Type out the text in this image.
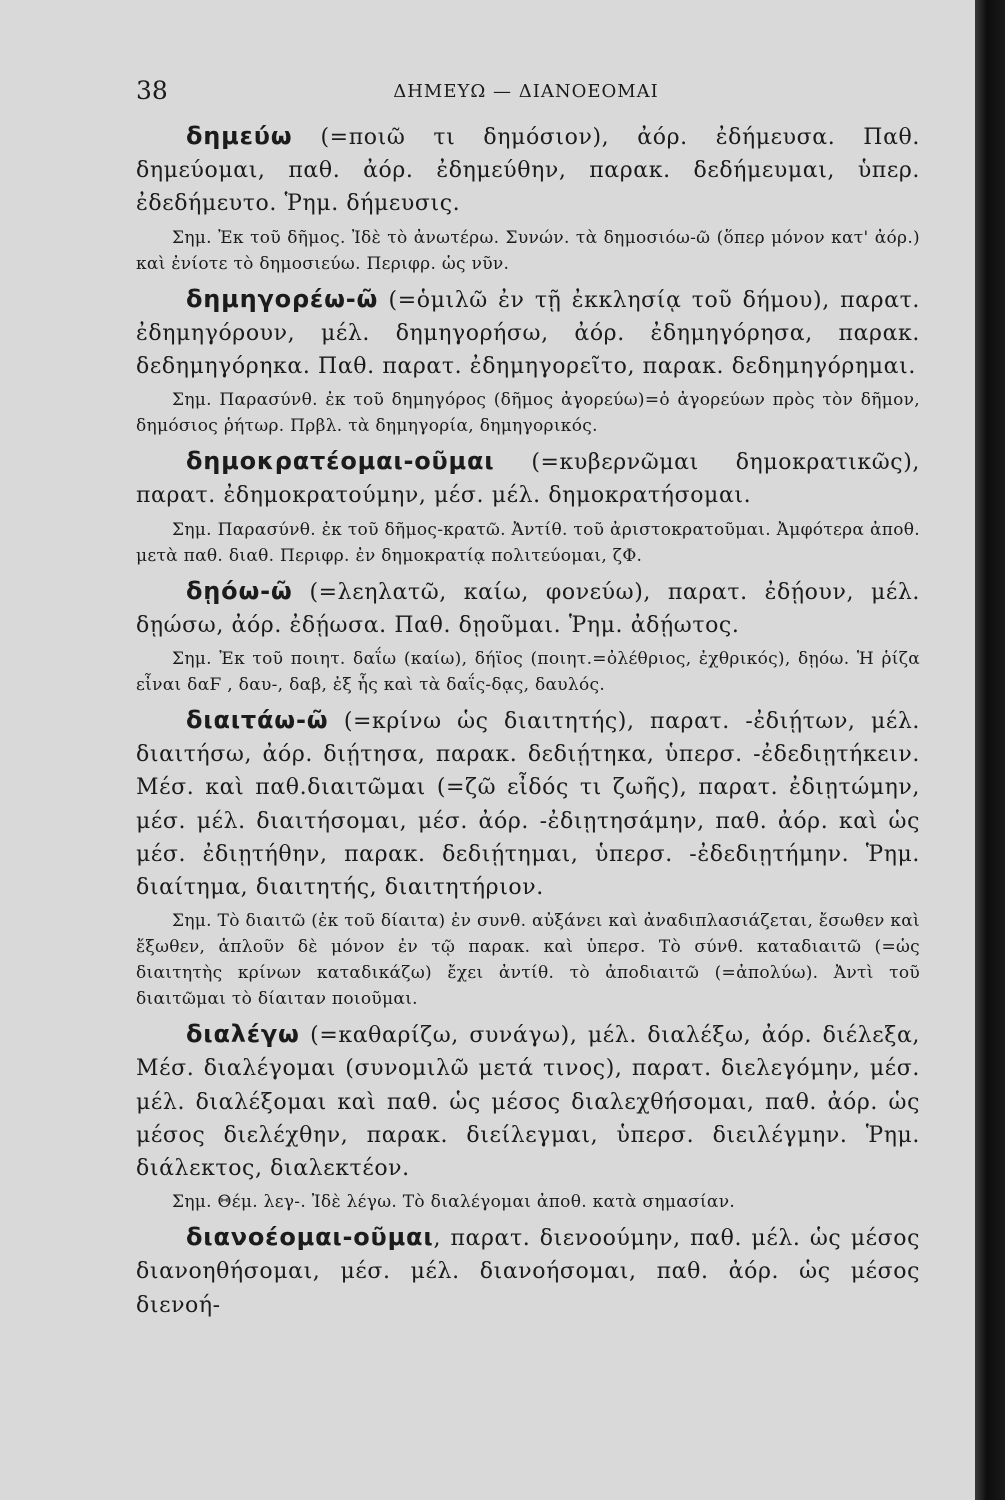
38	ΔΗΜΕΥΩ — ΔΙΑΝΟΕΟΜΑΙ

δημεύω (=ποιῶ τι δημόσιον), ἀόρ. ἐδήμευσα. Παθ. δημεύομαι, παθ. ἀόρ. ἐδημεύθην, παρακ. δεδήμευμαι, ὑπερ. ἐδεδήμευτο. Ῥημ. δήμευσις.

Σημ. Ἐκ τοῦ δῆμος. Ἰδὲ τὸ ἀνωτέρω. Συνών. τὰ δημοσιόω-ῶ (ὅπερ μόνον κατ' ἀόρ.) καὶ ἐνίοτε τὸ δημοσιεύω. Περιφρ. ὡς νῦν.

δημηγορέω-ῶ (=ὁμιλῶ ἐν τῇ ἐκκλησίᾳ τοῦ δήμου), παρατ. ἐδημηγόρουν, μέλ. δημηγορήσω, ἀόρ. ἐδημηγόρησα, παρακ. δεδημηγόρηκα. Παθ. παρατ. ἐδημηγορεῖτο, παρακ. δεδημηγόρημαι.

Σημ. Παρασύνθ. ἐκ τοῦ δημηγόρος (δῆμος ἀγορεύω)=ὁ ἀγορεύων πρὸς τὸν δῆμον, δημόσιος ῥήτωρ. Πρβλ. τὰ δημηγορία, δημηγορικός.

δημοκρατέομαι-οῦμαι (=κυβερνῶμαι δημοκρατικῶς), παρατ. ἐδημοκρατούμην, μέσ. μέλ. δημοκρατήσομαι.

Σημ. Παρασύνθ. ἐκ τοῦ δῆμος-κρατῶ. Ἀντίθ. τοῦ ἀριστοκρατοῦμαι. Ἀμφότερα ἀποθ. μετὰ παθ. διαθ. Περιφρ. ἐν δημοκρατίᾳ πολιτεύομαι, ζΦ.

δῃόω-ῶ (=λεηλατῶ, καίω, φονεύω), παρατ. ἐδῄουν, μέλ. δῃώσω, ἀόρ. ἐδῄωσα. Παθ. δῃοῦμαι. Ῥημ. ἀδῄωτος.

Σημ. Ἐκ τοῦ ποιητ. δαΐω (καίω), δήϊος (ποιητ.=ὀλέθριος, ἐχθρικός), δῃόω. Ἡ ῥίζα εἶναι δαϜ , δαυ-, δαβ, ἐξ ἧς καὶ τὰ δαΐς-δᾳς, δαυλός.

διαιτάω-ῶ (=κρίνω ὡς διαιτητής), παρατ. -ἐδιῄτων, μέλ. διαιτήσω, ἀόρ. διῄτησα, παρακ. δεδιῄτηκα, ὑπερσ. -ἐδεδιῃτήκειν. Μέσ. καὶ παθ.διαιτῶμαι (=ζῶ εἶδός τι ζωῆς), παρατ. ἐδιῃτώμην, μέσ. μέλ. διαιτήσομαι, μέσ. ἀόρ. -ἐδιῃτησάμην, παθ. ἀόρ. καὶ ὡς μέσ. ἐδιῃτήθην, παρακ. δεδιῄτημαι, ὑπερσ. -ἐδεδιῃτήμην. Ῥημ. διαίτημα, διαιτητής, διαιτητήριον.

Σημ. Τὸ διαιτῶ (ἐκ τοῦ δίαιτα) ἐν συνθ. αὐξάνει καὶ ἀναδιπλασιάζεται, ἔσωθεν καὶ ἔξωθεν, ἁπλοῦν δὲ μόνον ἐν τῷ παρακ. καὶ ὑπερσ. Τὸ σύνθ. καταδιαιτῶ (=ὡς διαιτητὴς κρίνων καταδικάζω) ἔχει ἀντίθ. τὸ ἀποδιαιτῶ (=ἀπολύω). Ἀντὶ τοῦ διαιτῶμαι τὸ δίαιταν ποιοῦμαι.

διαλέγω (=καθαρίζω, συνάγω), μέλ. διαλέξω, ἀόρ. διέλεξα, Μέσ. διαλέγομαι (συνομιλῶ μετά τινος), παρατ. διελεγόμην, μέσ. μέλ. διαλέξομαι καὶ παθ. ὡς μέσος διαλεχθήσομαι, παθ. ἀόρ. ὡς μέσος διελέχθην, παρακ. διείλεγμαι, ὑπερσ. διειλέγμην. Ῥημ. διάλεκτος, διαλεκτέον.

Σημ. Θέμ. λεγ-. Ἰδὲ λέγω. Τὸ διαλέγομαι ἀποθ. κατὰ σημασίαν.

διανοέομαι-οῦμαι, παρατ. διενοούμην, παθ. μέλ. ὡς μέσος διανοηθήσομαι, μέσ. μέλ. διανοήσομαι, παθ. ἀόρ. ὡς μέσος διενοή-
